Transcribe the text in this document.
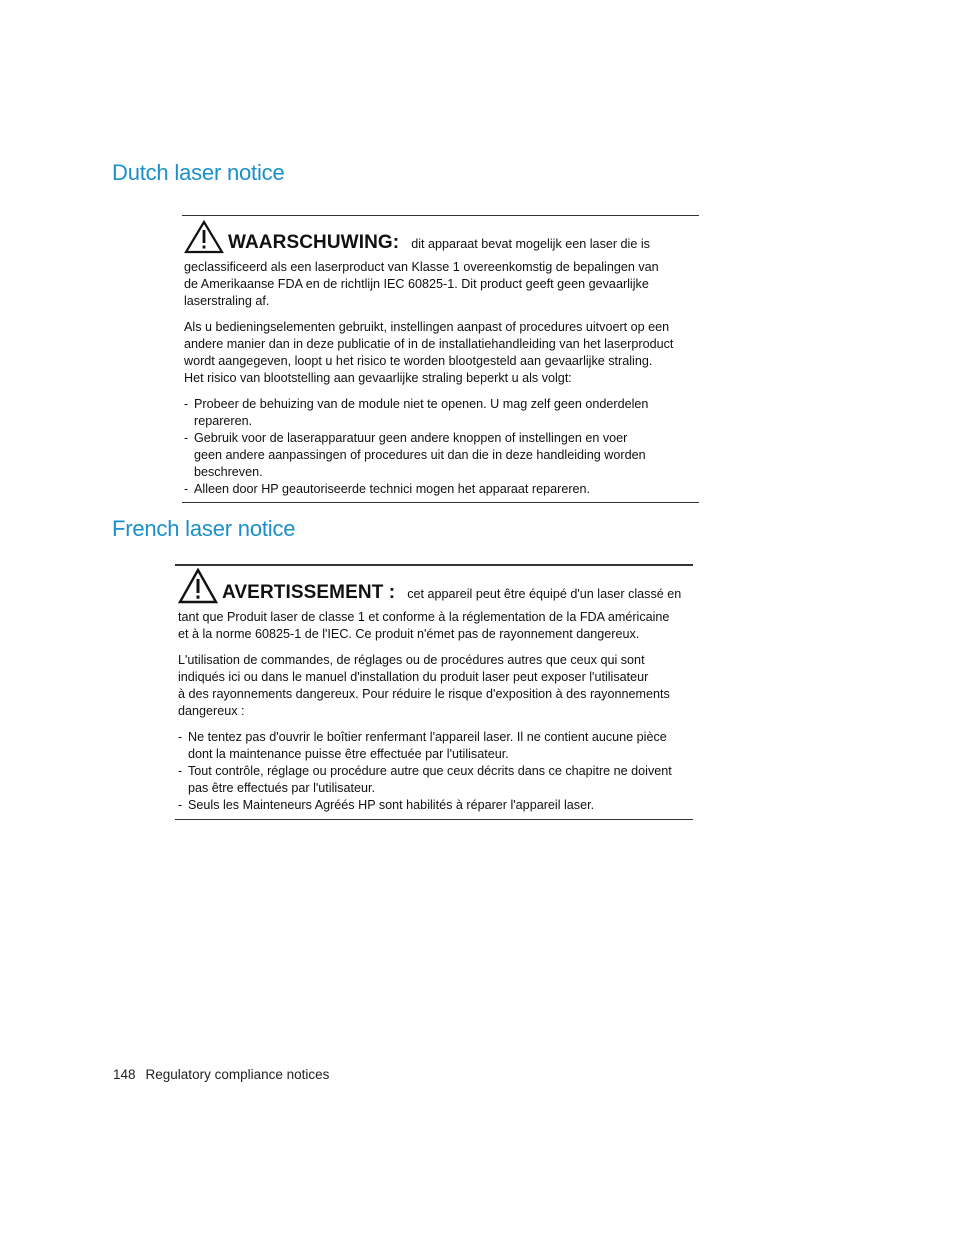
Dutch laser notice
WAARSCHUWING: dit apparaat bevat mogelijk een laser die is
geclassificeerd als een laserproduct van Klasse 1 overeenkomstig de bepalingen van
de Amerikaanse FDA en de richtlijn IEC 60825-1. Dit product geeft geen gevaarlijke
laserstraling af.
Als u bedieningselementen gebruikt, instellingen aanpast of procedures uitvoert op een
andere manier dan in deze publicatie of in de installatiehandleiding van het laserproduct
wordt aangegeven, loopt u het risico te worden blootgesteld aan gevaarlijke straling.
Het risico van blootstelling aan gevaarlijke straling beperkt u als volgt:
- Probeer de behuizing van de module niet te openen. U mag zelf geen onderdelen
repareren.
- Gebruik voor de laserapparatuur geen andere knoppen of instellingen en voer
geen andere aanpassingen of procedures uit dan die in deze handleiding worden
beschreven.
- Alleen door HP geautoriseerde technici mogen het apparaat repareren.
French laser notice
AVERTISSEMENT : cet appareil peut être équipé d'un laser classé en
tant que Produit laser de classe 1 et conforme à la réglementation de la FDA américaine
et à la norme 60825-1 de l'IEC. Ce produit n'émet pas de rayonnement dangereux.
L'utilisation de commandes, de réglages ou de procédures autres que ceux qui sont
indiqués ici ou dans le manuel d'installation du produit laser peut exposer l'utilisateur
à des rayonnements dangereux. Pour réduire le risque d'exposition à des rayonnements
dangereux :
- Ne tentez pas d'ouvrir le boîtier renfermant l'appareil laser. Il ne contient aucune pièce
dont la maintenance puisse être effectuée par l'utilisateur.
- Tout contrôle, réglage ou procédure autre que ceux décrits dans ce chapitre ne doivent
pas être effectués par l'utilisateur.
- Seuls les Mainteneurs Agréés HP sont habilités à réparer l'appareil laser.
148 Regulatory compliance notices
